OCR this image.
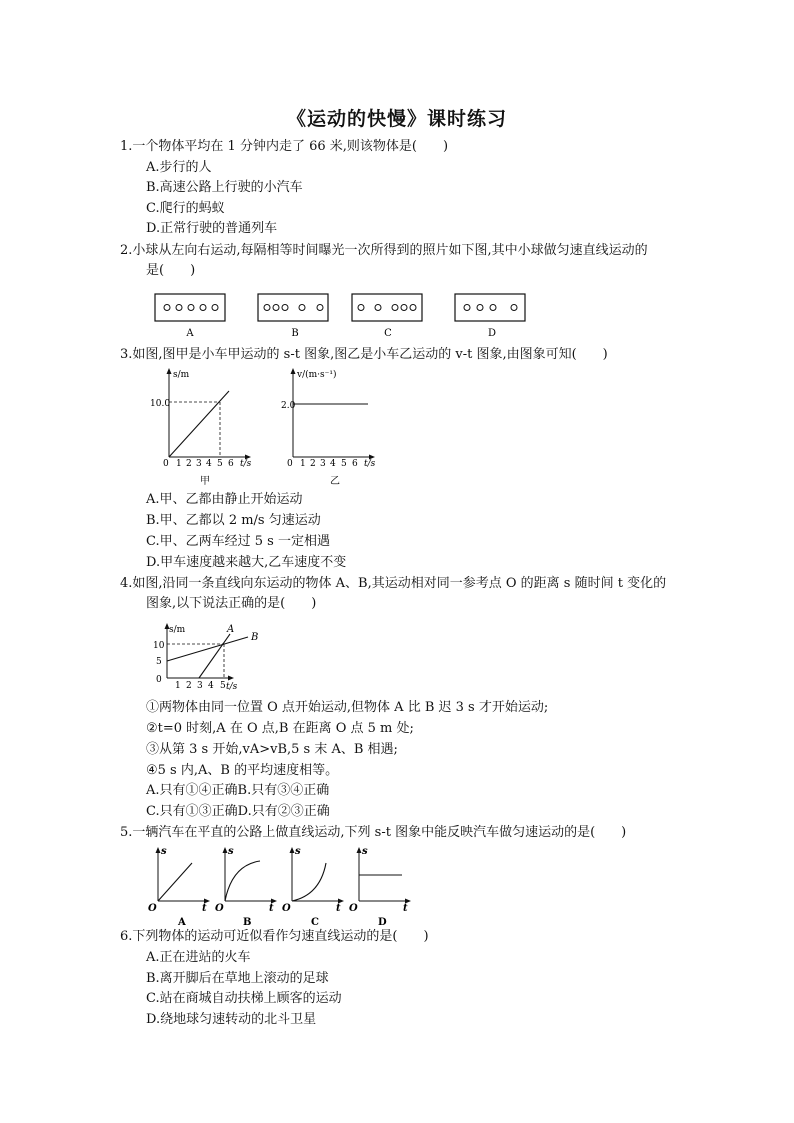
《运动的快慢》课时练习
1.一个物体平均在 1 分钟内走了 66 米,则该物体是(　　)
A.步行的人
B.高速公路上行驶的小汽车
C.爬行的蚂蚁
D.正常行驶的普通列车
2.小球从左向右运动,每隔相等时间曝光一次所得到的照片如下图,其中小球做匀速直线运动的
是(　　)
A	B	C	D
3.如图,图甲是小车甲运动的 s-t 图象,图乙是小车乙运动的 v-t 图象,由图象可知(　　)
s/m
10.0
0 1 2 3 4 5 6 t/s
甲
v/(m·s⁻¹)
2.0
0 1 2 3 4 5 6 t/s
乙
A.甲、乙都由静止开始运动
B.甲、乙都以 2 m/s 匀速运动
C.甲、乙两车经过 5 s 一定相遇
D.甲车速度越来越大,乙车速度不变
4.如图,沿同一条直线向东运动的物体 A、B,其运动相对同一参考点 O 的距离 s 随时间 t 变化的
图象,以下说法正确的是(　　)
s/m
10
5
0
1 2 3 4 5 t/s
A
B
①两物体由同一位置 O 点开始运动,但物体 A 比 B 迟 3 s 才开始运动;
②t=0 时刻,A 在 O 点,B 在距离 O 点 5 m 处;
③从第 3 s 开始,vA>vB,5 s 末 A、B 相遇;
④5 s 内,A、B 的平均速度相等。
A.只有①④正确B.只有③④正确
C.只有①③正确D.只有②③正确
5.一辆汽车在平直的公路上做直线运动,下列 s-t 图象中能反映汽车做匀速运动的是(　　)
s
O	t
A
s
O	t
B
s
O	t
C
s
O	t
D
6.下列物体的运动可近似看作匀速直线运动的是(　　)
A.正在进站的火车
B.离开脚后在草地上滚动的足球
C.站在商城自动扶梯上顾客的运动
D.绕地球匀速转动的北斗卫星
